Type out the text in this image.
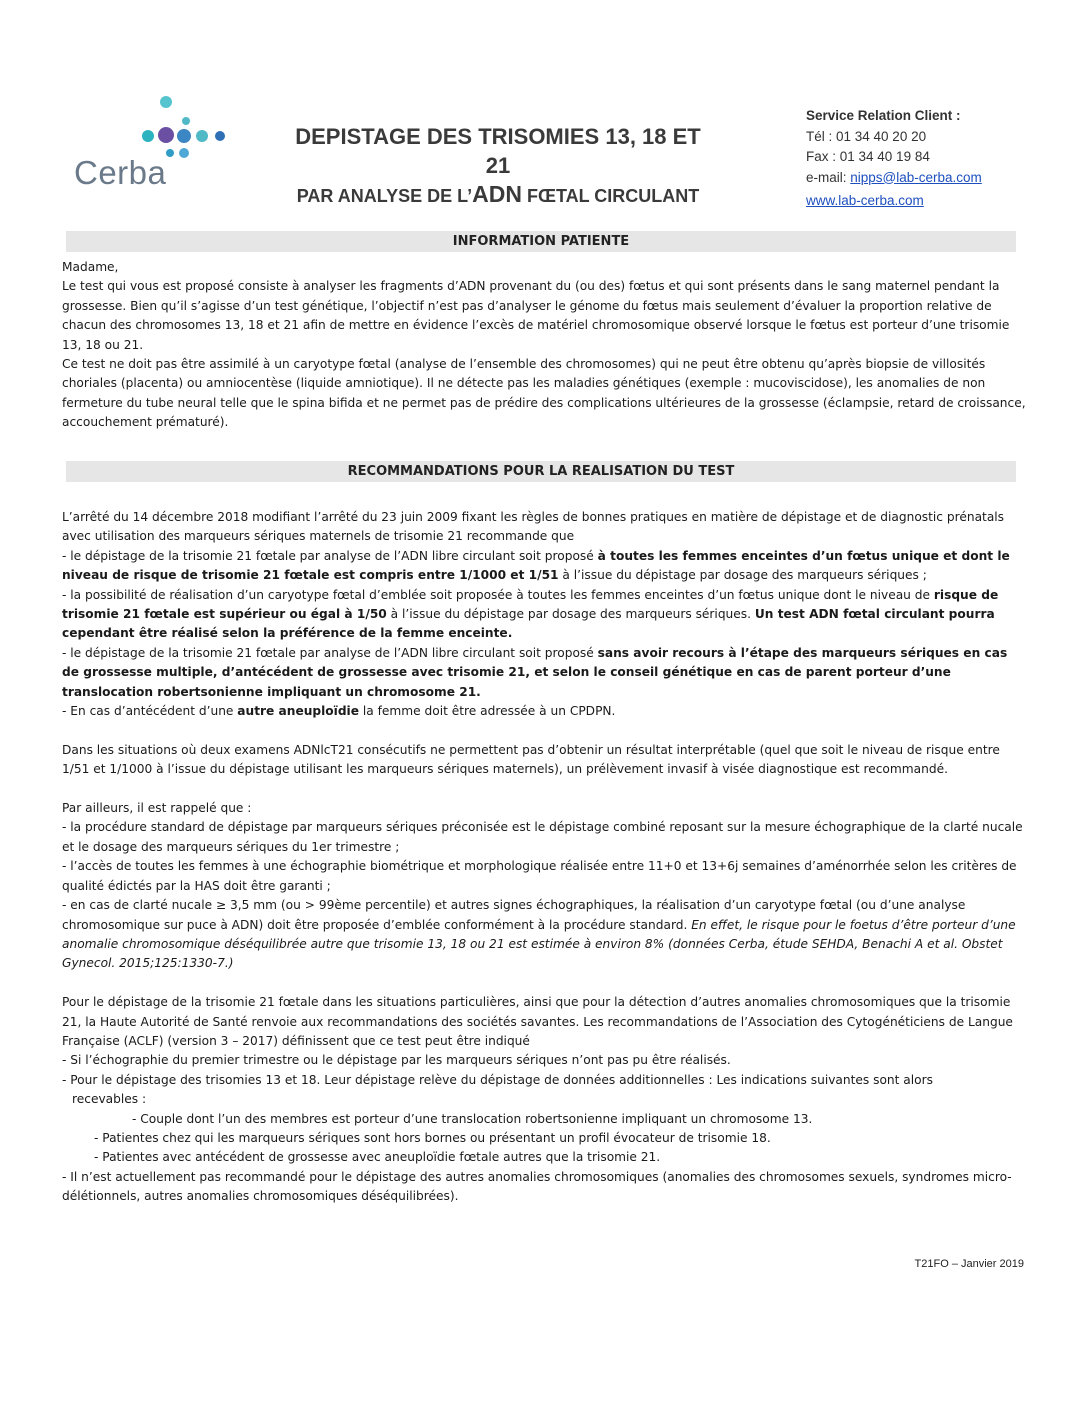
Cerba
DEPISTAGE DES TRISOMIES 13, 18 ET 21
PAR ANALYSE DE L’ADN FŒTAL CIRCULANT
Service Relation Client :
Tél : 01 34 40 20 20
Fax : 01 34 40 19 84
e-mail: nipps@lab-cerba.com
www.lab-cerba.com
INFORMATION PATIENTE

Madame,

Le test qui vous est proposé consiste à analyser les fragments d’ADN provenant du (ou des) fœtus et qui sont présents dans le sang maternel pendant la grossesse. Bien qu’il s’agisse d’un test génétique, l’objectif n’est pas d’analyser le génome du fœtus mais seulement d’évaluer la proportion relative de chacun des chromosomes 13, 18 et 21 afin de mettre en évidence l’excès de matériel chromosomique observé lorsque le fœtus est porteur d’une trisomie 13, 18 ou 21.

Ce test ne doit pas être assimilé à un caryotype fœtal (analyse de l’ensemble des chromosomes) qui ne peut être obtenu qu’après biopsie de villosités choriales (placenta) ou amniocentèse (liquide amniotique). Il ne détecte pas les maladies génétiques (exemple : mucoviscidose), les anomalies de non fermeture du tube neural telle que le spina bifida et ne permet pas de prédire des complications ultérieures de la grossesse (éclampsie, retard de croissance, accouchement prématuré).

RECOMMANDATIONS POUR LA REALISATION DU TEST

L’arrêté du 14 décembre 2018 modifiant l’arrêté du 23 juin 2009 fixant les règles de bonnes pratiques en matière de dépistage et de diagnostic prénatals avec utilisation des marqueurs sériques maternels de trisomie 21 recommande que

- le dépistage de la trisomie 21 fœtale par analyse de l’ADN libre circulant soit proposé à toutes les femmes enceintes d’un fœtus unique et dont le niveau de risque de trisomie 21 fœtale est compris entre 1/1000 et 1/51 à l’issue du dépistage par dosage des marqueurs sériques ;

- la possibilité de réalisation d’un caryotype fœtal d’emblée soit proposée à toutes les femmes enceintes d’un fœtus unique dont le niveau de risque de trisomie 21 fœtale est supérieur ou égal à 1/50 à l’issue du dépistage par dosage des marqueurs sériques. Un test ADN fœtal circulant pourra cependant être réalisé selon la préférence de la femme enceinte.

- le dépistage de la trisomie 21 fœtale par analyse de l’ADN libre circulant soit proposé sans avoir recours à l’étape des marqueurs sériques en cas de grossesse multiple, d’antécédent de grossesse avec trisomie 21, et selon le conseil génétique en cas de parent porteur d’une translocation robertsonienne impliquant un chromosome 21.

- En cas d’antécédent d’une autre aneuploïdie la femme doit être adressée à un CPDPN.

Dans les situations où deux examens ADNlcT21 consécutifs ne permettent pas d’obtenir un résultat interprétable (quel que soit le niveau de risque entre 1/51 et 1/1000 à l’issue du dépistage utilisant les marqueurs sériques maternels), un prélèvement invasif à visée diagnostique est recommandé.

Par ailleurs, il est rappelé que :

- la procédure standard de dépistage par marqueurs sériques préconisée est le dépistage combiné reposant sur la mesure échographique de la clarté nucale et le dosage des marqueurs sériques du 1er trimestre ;

- l’accès de toutes les femmes à une échographie biométrique et morphologique réalisée entre 11+0 et 13+6j semaines d’aménorrhée selon les critères de qualité édictés par la HAS doit être garanti ;

- en cas de clarté nucale ≥ 3,5 mm (ou > 99ème percentile) et autres signes échographiques, la réalisation d’un caryotype fœtal (ou d’une analyse chromosomique sur puce à ADN) doit être proposée d’emblée conformément à la procédure standard. En effet, le risque pour le foetus d’être porteur d’une anomalie chromosomique déséquilibrée autre que trisomie 13, 18 ou 21 est estimée à environ 8% (données Cerba, étude SEHDA, Benachi A et al. Obstet Gynecol. 2015;125:1330-7.)

Pour le dépistage de la trisomie 21 fœtale dans les situations particulières, ainsi que pour la détection d’autres anomalies chromosomiques que la trisomie 21, la Haute Autorité de Santé renvoie aux recommandations des sociétés savantes. Les recommandations de l’Association des Cytogénéticiens de Langue Française (ACLF) (version 3 – 2017) définissent que ce test peut être indiqué

- Si l’échographie du premier trimestre ou le dépistage par les marqueurs sériques n’ont pas pu être réalisés.

- Pour le dépistage des trisomies 13 et 18. Leur dépistage relève du dépistage de données additionnelles : Les indications suivantes sont alors

recevables :

- Couple dont l’un des membres est porteur d’une translocation robertsonienne impliquant un chromosome 13.

- Patientes chez qui les marqueurs sériques sont hors bornes ou présentant un profil évocateur de trisomie 18.

- Patientes avec antécédent de grossesse avec aneuploïdie fœtale autres que la trisomie 21.

- Il n’est actuellement pas recommandé pour le dépistage des autres anomalies chromosomiques (anomalies des chromosomes sexuels, syndromes micro-délétionnels, autres anomalies chromosomiques déséquilibrées).

T21FO – Janvier 2019
